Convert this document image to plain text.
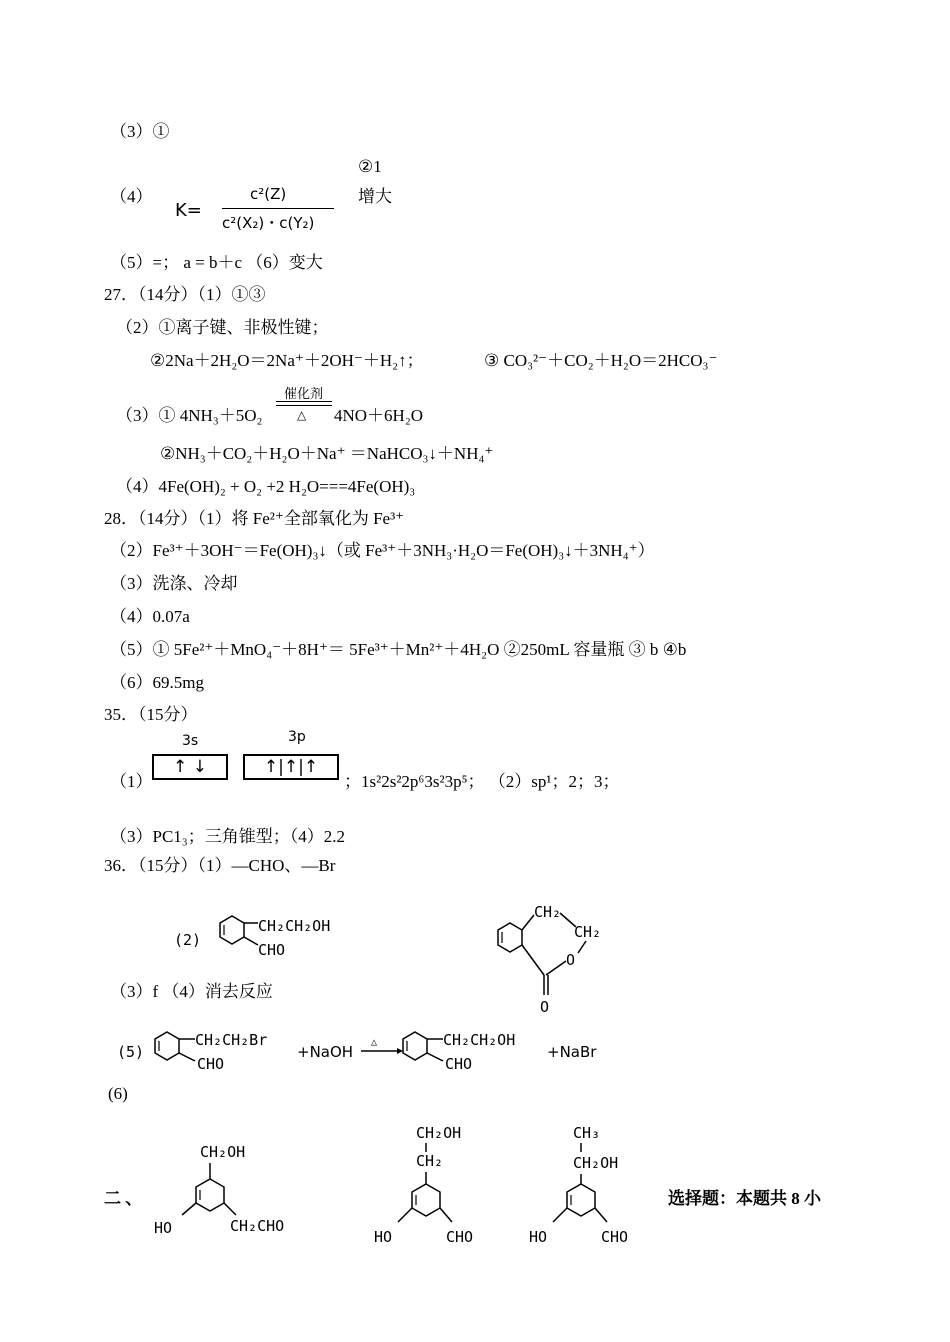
（3）①
②1
（4）
K=
c²(Z)
c²(X₂)・c(Y₂)
增大
（5）=； a = b＋c （6）变大
27．（14分）（1）①③
（2）①离子键、非极性键；
②2Na＋2H₂O＝2Na⁺＋2OH⁻＋H₂↑；	③ CO₃²⁻＋CO₂＋H₂O＝2HCO₃⁻
催化剂
△
（3）① 4NH₃＋5O₂	4NO＋6H₂O
②NH₃＋CO₂＋H₂O＋Na⁺ ＝NaHCO₃↓＋NH₄⁺
（4）4Fe(OH)₂ + O₂ +2 H₂O===4Fe(OH)₃
28．（14分）（1）将 Fe²⁺全部氧化为 Fe³⁺
（2）Fe³⁺＋3OH⁻＝Fe(OH)₃↓（或 Fe³⁺＋3NH₃·H₂O＝Fe(OH)₃↓＋3NH₄⁺）
（3）洗涤、冷却
（4）0.07a
（5）① 5Fe²⁺＋MnO₄⁻＋8H⁺＝ 5Fe³⁺＋Mn²⁺＋4H₂O ②250mL 容量瓶 ③ b ④b
（6）69.5mg
35．（15分）
3s	3p
（1）
↑ ↓	↑|↑|↑
；1s²2s²2p⁶3s²3p⁵； （2）sp¹；2；3；
（3）PC1₃；三角锥型；（4）2.2
36．（15分）（1）—CHO、—Br
(2)
CH₂CH₂OH
CHO
CH₂
CH₂
O
O
（3）f （4）消去反应
(5)
CH₂CH₂Br
CHO
+NaOH
△	CH₂CH₂OH
CHO
+NaBr
(6)
CH₂OH
HO	CH₂CHO
CH₂OH
CH₂
HO	CHO
CH₃
CH₂OH
HO	CHO
二 、	选择题：本题共 8 小
